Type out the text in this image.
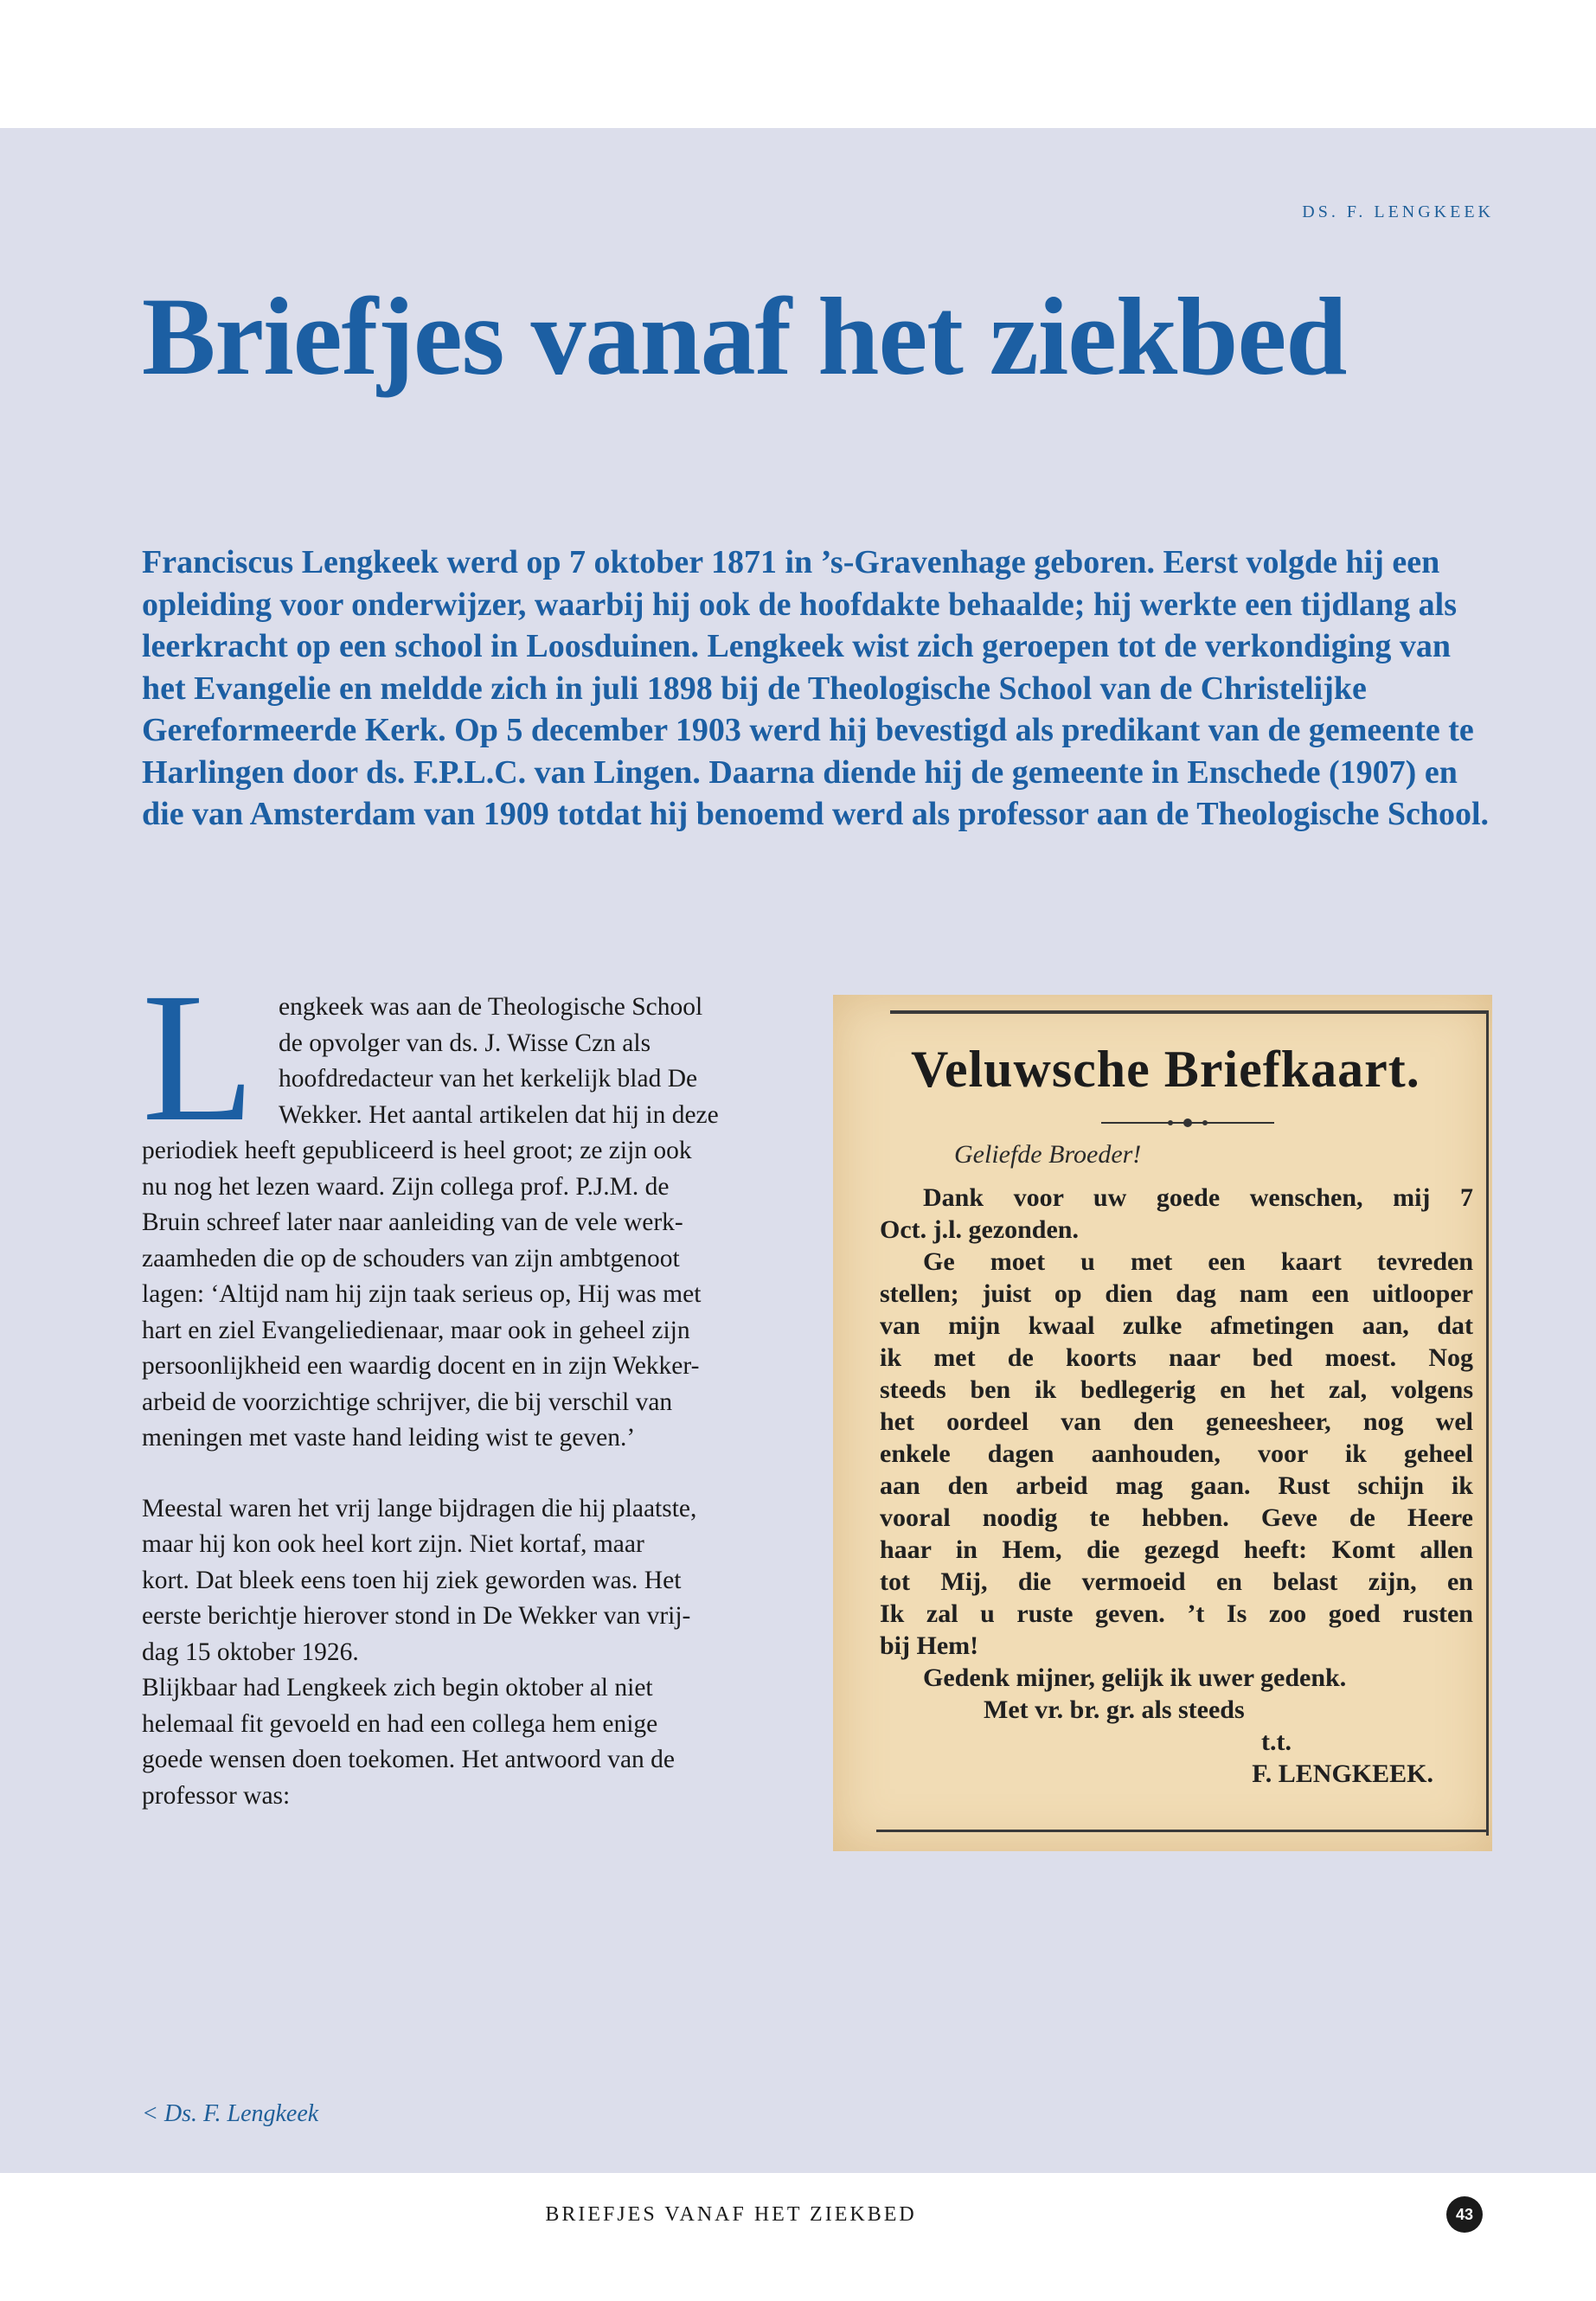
DS. F. LENGKEEK
Briefjes vanaf het ziekbed

Franciscus Lengkeek werd op 7 oktober 1871 in ’s-Gravenhage geboren. Eerst volgde hij een opleiding voor onderwijzer, waarbij hij ook de hoofdakte behaalde; hij werkte een tijdlang als leerkracht op een school in Loosduinen. Lengkeek wist zich geroepen tot de verkondiging van het Evangelie en meldde zich in juli 1898 bij de Theologische School van de Christelijke Gereformeerde Kerk. Op 5 december 1903 werd hij bevestigd als predikant van de gemeente te Harlingen door ds. F.P.L.C. van Lingen. Daarna diende hij de gemeente in Enschede (1907) en die van Amsterdam van 1909 totdat hij benoemd werd als professor aan de Theologische School.

L engkeek was aan de Theologische School
de opvolger van ds. J. Wisse Czn als
hoofdredacteur van het kerkelijk blad De
Wekker. Het aantal artikelen dat hij in deze
periodiek heeft gepubliceerd is heel groot; ze zijn ook
nu nog het lezen waard. Zijn collega prof. P.J.M. de
Bruin schreef later naar aanleiding van de vele werk-
zaamheden die op de schouders van zijn ambtgenoot
lagen: ‘Altijd nam hij zijn taak serieus op, Hij was met
hart en ziel Evangeliedienaar, maar ook in geheel zijn
persoonlijkheid een waardig docent en in zijn Wekker-
arbeid de voorzichtige schrijver, die bij verschil van
meningen met vaste hand leiding wist te geven.’

Meestal waren het vrij lange bijdragen die hij plaatste,
maar hij kon ook heel kort zijn. Niet kortaf, maar
kort. Dat bleek eens toen hij ziek geworden was. Het
eerste berichtje hierover stond in De Wekker van vrij-
dag 15 oktober 1926.
Blijkbaar had Lengkeek zich begin oktober al niet
helemaal fit gevoeld en had een collega hem enige
goede wensen doen toekomen. Het antwoord van de
professor was:

Veluwsche Briefkaart.
Geliefde Broeder!
Dank voor uw goede wenschen, mij 7
Oct. j.l. gezonden.
Ge moet u met een kaart tevreden
stellen; juist op dien dag nam een uitlooper
van mijn kwaal zulke afmetingen aan, dat
ik met de koorts naar bed moest. Nog
steeds ben ik bedlegerig en het zal, volgens
het oordeel van den geneesheer, nog wel
enkele dagen aanhouden, voor ik geheel
aan den arbeid mag gaan. Rust schijn ik
vooral noodig te hebben. Geve de Heere
haar in Hem, die gezegd heeft: Komt allen
tot Mij, die vermoeid en belast zijn, en
Ik zal u ruste geven. ’t Is zoo goed rusten
bij Hem!
Gedenk mijner, gelijk ik uwer gedenk.
Met vr. br. gr. als steeds
t.t.
F. LENGKEEK.
< Ds. F. Lengkeek
BRIEFJES VANAF HET ZIEKBED	43
